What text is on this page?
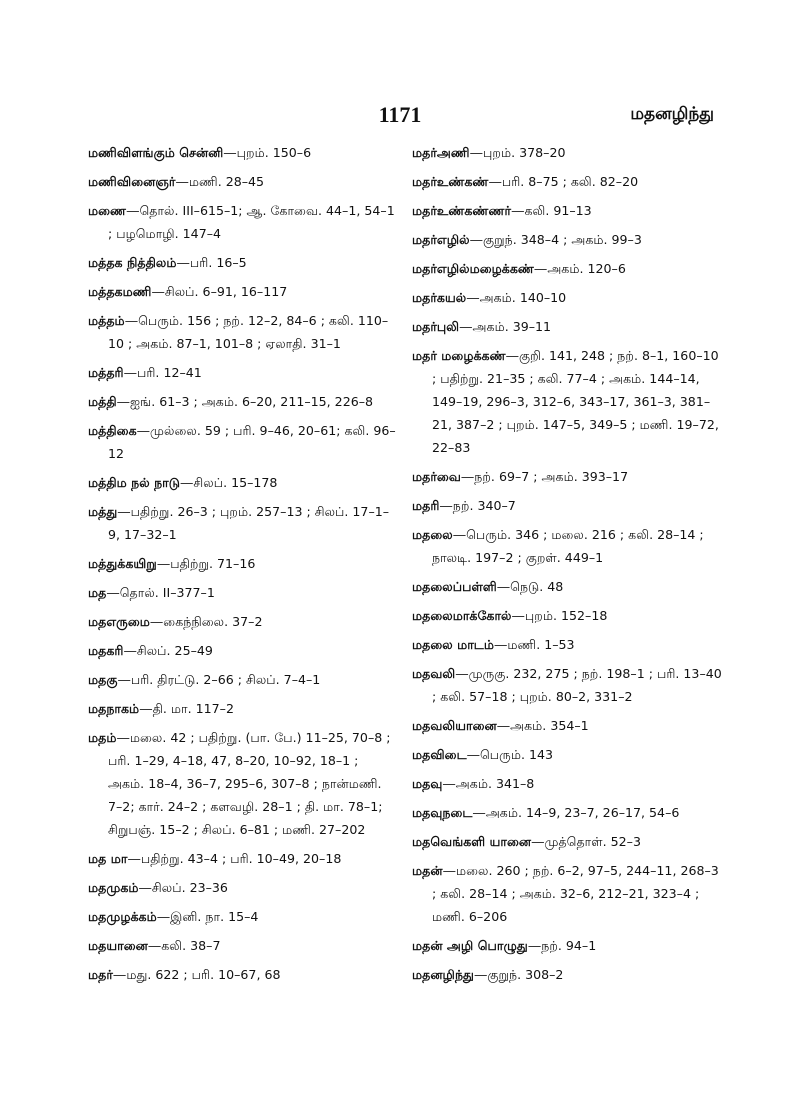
1171	மதனழிந்து
மணிவிளங்கும் சென்னி—புறம். 150–6
மணிவினைஞர்—மணி. 28–45
மணை—தொல். III–615–1; ஆ. கோவை. 44–1, 54–1 ; பழமொழி. 147–4
மத்தக நித்திலம்—பரி. 16–5
மத்தகமணி—சிலப். 6–91, 16–117
மத்தம்—பெரும். 156 ; நற். 12–2, 84–6 ; கலி. 110–10 ; அகம். 87–1, 101–8 ; ஏலாதி. 31–1
மத்தரி—பரி. 12–41
மத்தி—ஐங். 61–3 ; அகம். 6–20, 211–15, 226–8
மத்திகை—முல்லை. 59 ; பரி. 9–46, 20–61; கலி. 96–12
மத்திம நல் நாடு—சிலப். 15–178
மத்து—பதிற்று. 26–3 ; புறம். 257–13 ; சிலப். 17–1–9, 17–32–1
மத்துக்கயிறு—பதிற்று. 71–16
மத—தொல். II–377–1
மதஎருமை—கைந்நிலை. 37–2
மதகரி—சிலப். 25–49
மதகு—பரி. திரட்டு. 2–66 ; சிலப். 7–4–1
மதநாகம்—தி. மா. 117–2
மதம்—மலை. 42 ; பதிற்று. (பா. பே.) 11–25, 70–8 ; பரி. 1–29, 4–18, 47, 8–20, 10–92, 18–1 ; அகம். 18–4, 36–7, 295–6, 307–8 ; நான்மணி. 7–2; கார். 24–2 ; களவழி. 28–1 ; தி. மா. 78–1; சிறுபஞ். 15–2 ; சிலப். 6–81 ; மணி. 27–202
மத மா—பதிற்று. 43–4 ; பரி. 10–49, 20–18
மதமுகம்—சிலப். 23–36
மதமுழக்கம்—இனி. நா. 15–4
மதயானை—கலி. 38–7
மதர்—மது. 622 ; பரி. 10–67, 68
மதர்அணி—புறம். 378–20
மதர்உண்கண்—பரி. 8–75 ; கலி. 82–20
மதர்உண்கண்ணர்—கலி. 91–13
மதர்எழில்—குறுந். 348–4 ; அகம். 99–3
மதர்எழில்மழைக்கண்—அகம். 120–6
மதர்கயல்—அகம். 140–10
மதர்புலி—அகம். 39–11
மதர் மழைக்கண்—குறி. 141, 248 ; நற். 8–1, 160–10 ; பதிற்று. 21–35 ; கலி. 77–4 ; அகம். 144–14, 149–19, 296–3, 312–6, 343–17, 361–3, 381–21, 387–2 ; புறம். 147–5, 349–5 ; மணி. 19–72, 22–83
மதர்வை—நற். 69–7 ; அகம். 393–17
மதரி—நற். 340–7
மதலை—பெரும். 346 ; மலை. 216 ; கலி. 28–14 ; நாலடி. 197–2 ; குறள். 449–1
மதலைப்பள்ளி—நெடு. 48
மதலைமாக்கோல்—புறம். 152–18
மதலை மாடம்—மணி. 1–53
மதவலி—முருகு. 232, 275 ; நற். 198–1 ; பரி. 13–40 ; கலி. 57–18 ; புறம். 80–2, 331–2
மதவலியானை—அகம். 354–1
மதவிடை—பெரும். 143
மதவு—அகம். 341–8
மதவுநடை—அகம். 14–9, 23–7, 26–17, 54–6
மதவெங்களி யானை—முத்தொள். 52–3
மதன்—மலை. 260 ; நற். 6–2, 97–5, 244–11, 268–3 ; கலி. 28–14 ; அகம். 32–6, 212–21, 323–4 ; மணி. 6–206
மதன் அழி பொழுது—நற். 94–1
மதனழிந்து—குறுந். 308–2
